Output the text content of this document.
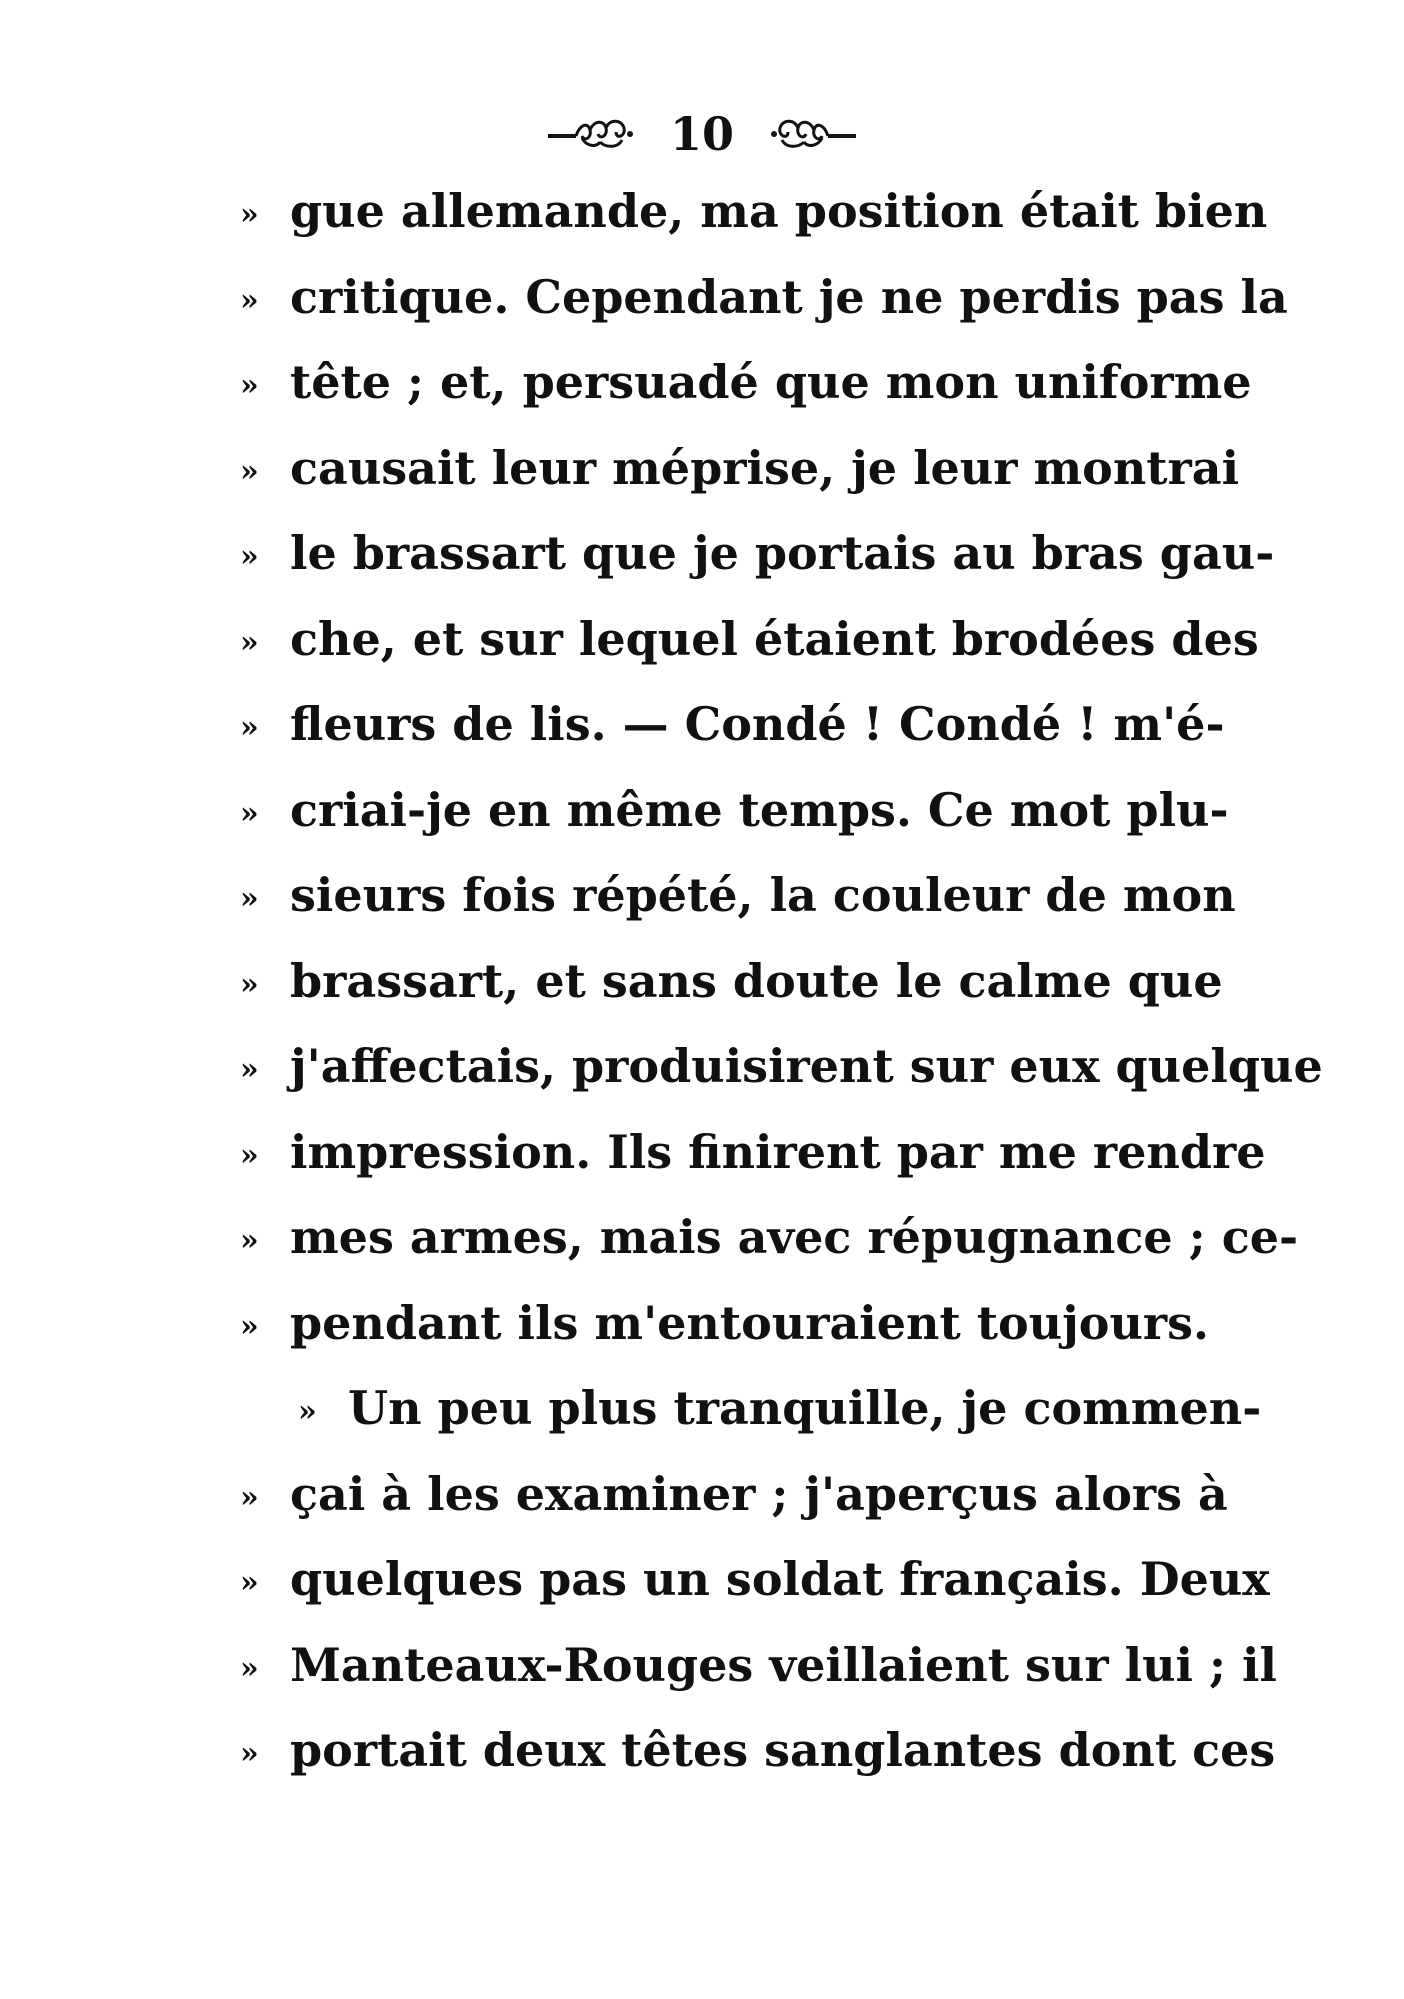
10
» gue allemande, ma position était bien
» critique. Cependant je ne perdis pas la
» tête ; et, persuadé que mon uniforme
» causait leur méprise, je leur montrai
» le brassart que je portais au bras gau-
» che, et sur lequel étaient brodées des
» fleurs de lis. — Condé ! Condé ! m'é-
» criai-je en même temps. Ce mot plu-
» sieurs fois répété, la couleur de mon
» brassart, et sans doute le calme que
» j'affectais, produisirent sur eux quelque
» impression. Ils finirent par me rendre
» mes armes, mais avec répugnance ; ce-
» pendant ils m'entouraient toujours.
» Un peu plus tranquille, je commen-
» çai à les examiner ; j'aperçus alors à
» quelques pas un soldat français. Deux
» Manteaux-Rouges veillaient sur lui ; il
» portait deux têtes sanglantes dont ces
